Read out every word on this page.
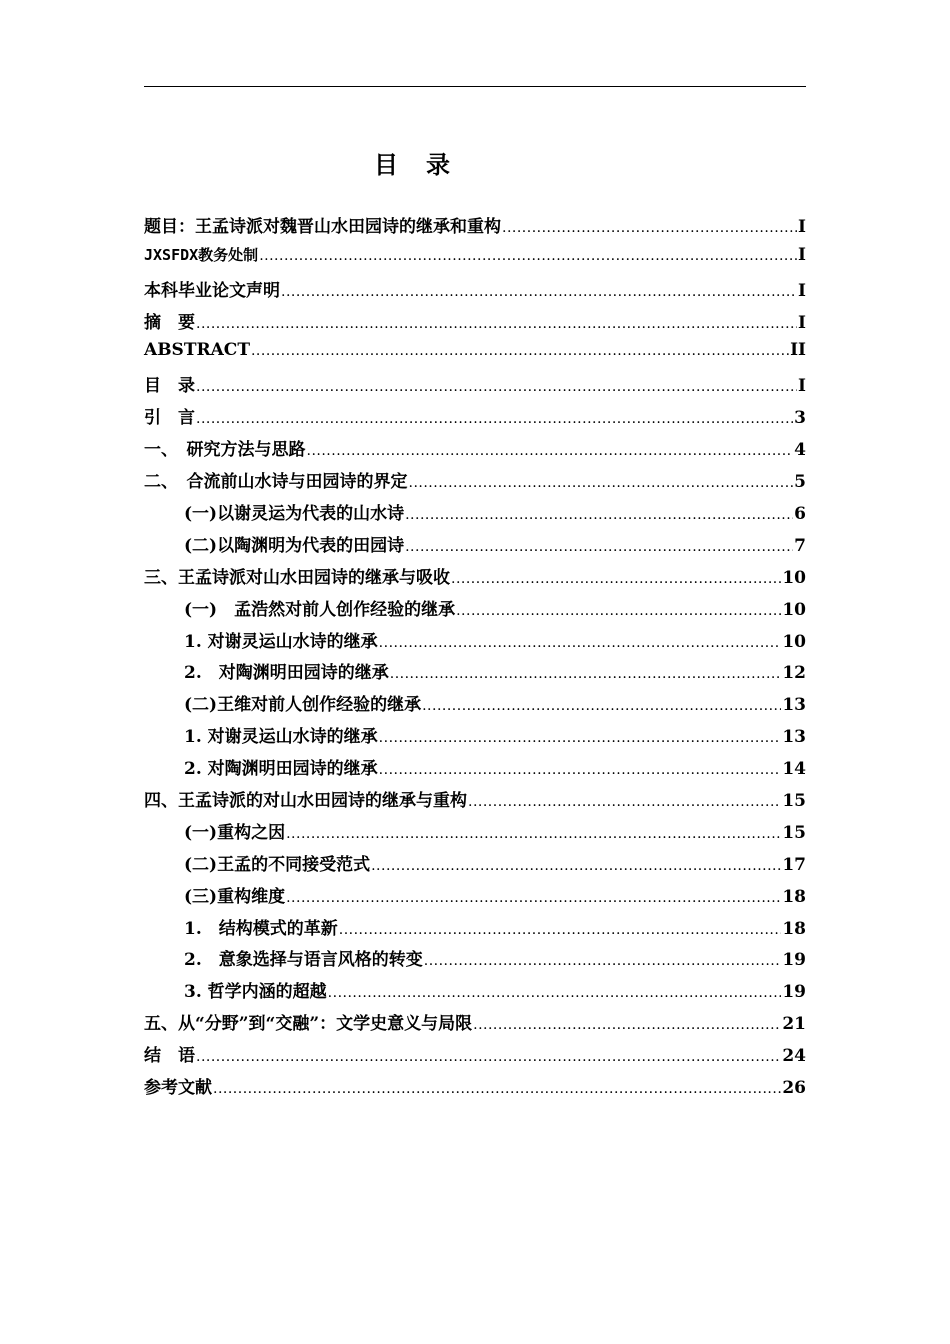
目　录
题目：王孟诗派对魏晋山水田园诗的继承和重构 .....	I
JXSFDX教务处制 .....	I
本科毕业论文声明 .....	I
摘　要 .....	I
ABSTRACT .....	II
目　录 .....	I
引　言 .....	3
一、　研究方法与思路 .....	4
二、　合流前山水诗与田园诗的界定 .....	5
(一)以谢灵运为代表的山水诗 .....	6
(二)以陶渊明为代表的田园诗 .....	7
三、王孟诗派对山水田园诗的继承与吸收 .....	10
(一)　孟浩然对前人创作经验的继承 .....	10
1. 对谢灵运山水诗的继承 .....	10
2.　对陶渊明田园诗的继承 .....	12
(二)王维对前人创作经验的继承 .....	13
1. 对谢灵运山水诗的继承 .....	13
2. 对陶渊明田园诗的继承 .....	14
四、王孟诗派的对山水田园诗的继承与重构 .....	15
(一)重构之因 .....	15
(二)王孟的不同接受范式 .....	17
(三)重构维度 .....	18
1.　结构模式的革新 .....	18
2.　意象选择与语言风格的转变 .....	19
3. 哲学内涵的超越 .....	19
五、从“分野”到“交融”：文学史意义与局限 .....	21
结　语 .....	24
参考文献 .....	26
